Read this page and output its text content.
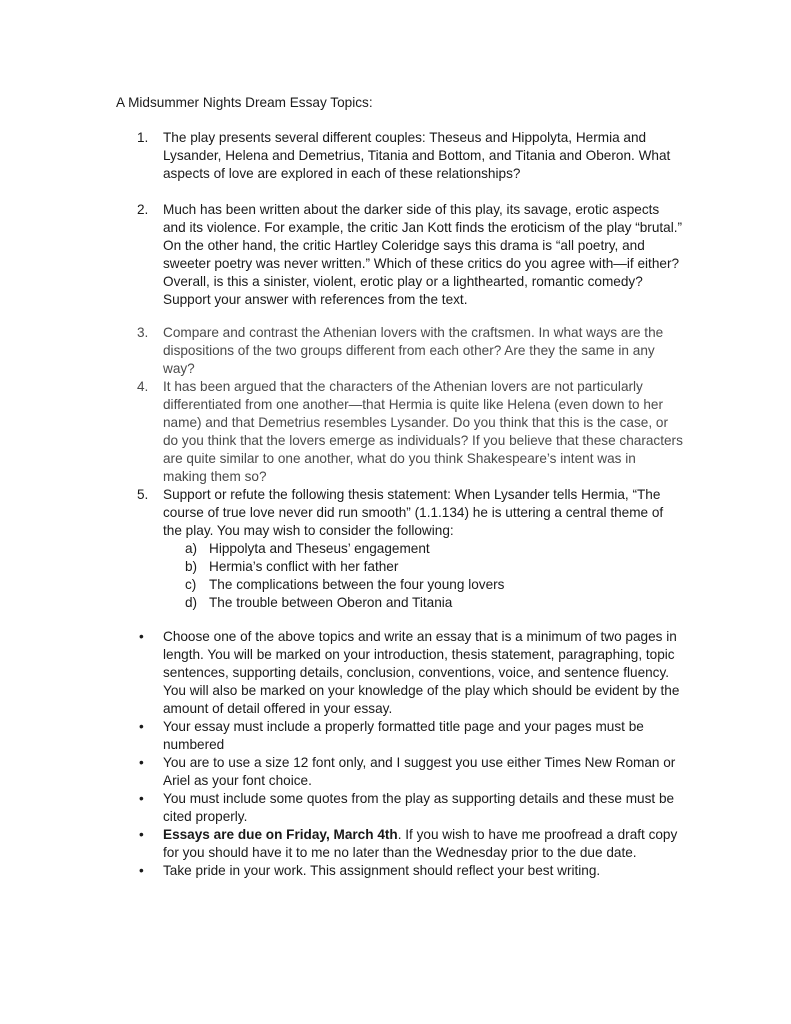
A Midsummer Nights Dream Essay Topics:
1. The play presents several different couples: Theseus and Hippolyta, Hermia and Lysander, Helena and Demetrius, Titania and Bottom, and Titania and Oberon. What aspects of love are explored in each of these relationships?
2. Much has been written about the darker side of this play, its savage, erotic aspects and its violence. For example, the critic Jan Kott finds the eroticism of the play “brutal.” On the other hand, the critic Hartley Coleridge says this drama is “all poetry, and sweeter poetry was never written.” Which of these critics do you agree with—if either? Overall, is this a sinister, violent, erotic play or a lighthearted, romantic comedy? Support your answer with references from the text.
3. Compare and contrast the Athenian lovers with the craftsmen. In what ways are the dispositions of the two groups different from each other? Are they the same in any way?
4. It has been argued that the characters of the Athenian lovers are not particularly differentiated from one another—that Hermia is quite like Helena (even down to her name) and that Demetrius resembles Lysander. Do you think that this is the case, or do you think that the lovers emerge as individuals? If you believe that these characters are quite similar to one another, what do you think Shakespeare’s intent was in making them so?
5. Support or refute the following thesis statement: When Lysander tells Hermia, “The course of true love never did run smooth” (1.1.134) he is uttering a central theme of the play. You may wish to consider the following:
a) Hippolyta and Theseus’ engagement
b) Hermia’s conflict with her father
c) The complications between the four young lovers
d) The trouble between Oberon and Titania
• Choose one of the above topics and write an essay that is a minimum of two pages in length. You will be marked on your introduction, thesis statement, paragraphing, topic sentences, supporting details, conclusion, conventions, voice, and sentence fluency. You will also be marked on your knowledge of the play which should be evident by the amount of detail offered in your essay.
• Your essay must include a properly formatted title page and your pages must be numbered
• You are to use a size 12 font only, and I suggest you use either Times New Roman or Ariel as your font choice.
• You must include some quotes from the play as supporting details and these must be cited properly.
• Essays are due on Friday, March 4th. If you wish to have me proofread a draft copy for you should have it to me no later than the Wednesday prior to the due date.
• Take pride in your work. This assignment should reflect your best writing.
